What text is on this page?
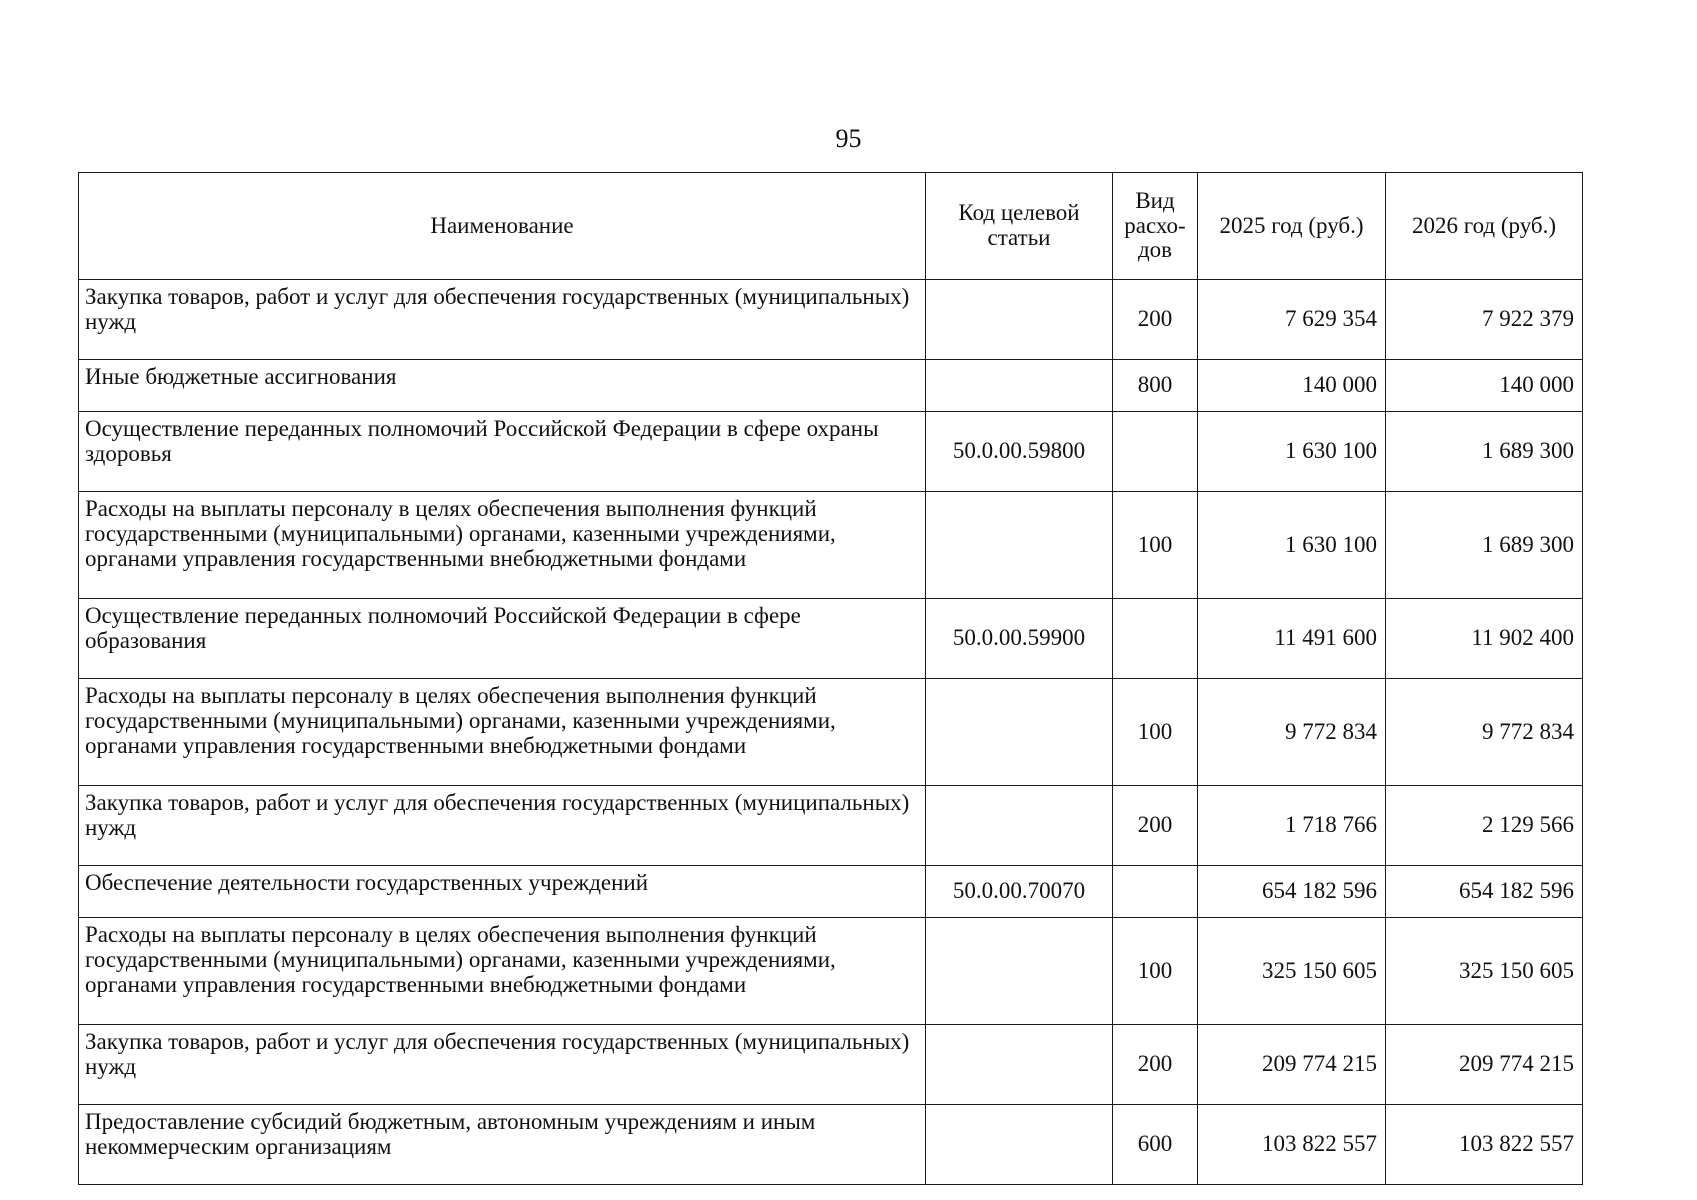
95
Наименование	Код целевой статьи	Вид расхо-дов	2025 год (руб.)	2026 год (руб.)
Закупка товаров, работ и услуг для обеспечения государственных (муниципальных) нужд		200	7 629 354	7 922 379
Иные бюджетные ассигнования		800	140 000	140 000
Осуществление переданных полномочий Российской Федерации в сфере охраны здоровья	50.0.00.59800		1 630 100	1 689 300
Расходы на выплаты персоналу в целях обеспечения выполнения функций государственными (муниципальными) органами, казенными учреждениями, органами управления государственными внебюджетными фондами		100	1 630 100	1 689 300
Осуществление переданных полномочий Российской Федерации в сфере образования	50.0.00.59900		11 491 600	11 902 400
Расходы на выплаты персоналу в целях обеспечения выполнения функций государственными (муниципальными) органами, казенными учреждениями, органами управления государственными внебюджетными фондами		100	9 772 834	9 772 834
Закупка товаров, работ и услуг для обеспечения государственных (муниципальных) нужд		200	1 718 766	2 129 566
Обеспечение деятельности государственных учреждений	50.0.00.70070		654 182 596	654 182 596
Расходы на выплаты персоналу в целях обеспечения выполнения функций государственными (муниципальными) органами, казенными учреждениями, органами управления государственными внебюджетными фондами		100	325 150 605	325 150 605
Закупка товаров, работ и услуг для обеспечения государственных (муниципальных) нужд		200	209 774 215	209 774 215
Предоставление субсидий бюджетным, автономным учреждениям и иным некоммерческим организациям		600	103 822 557	103 822 557
